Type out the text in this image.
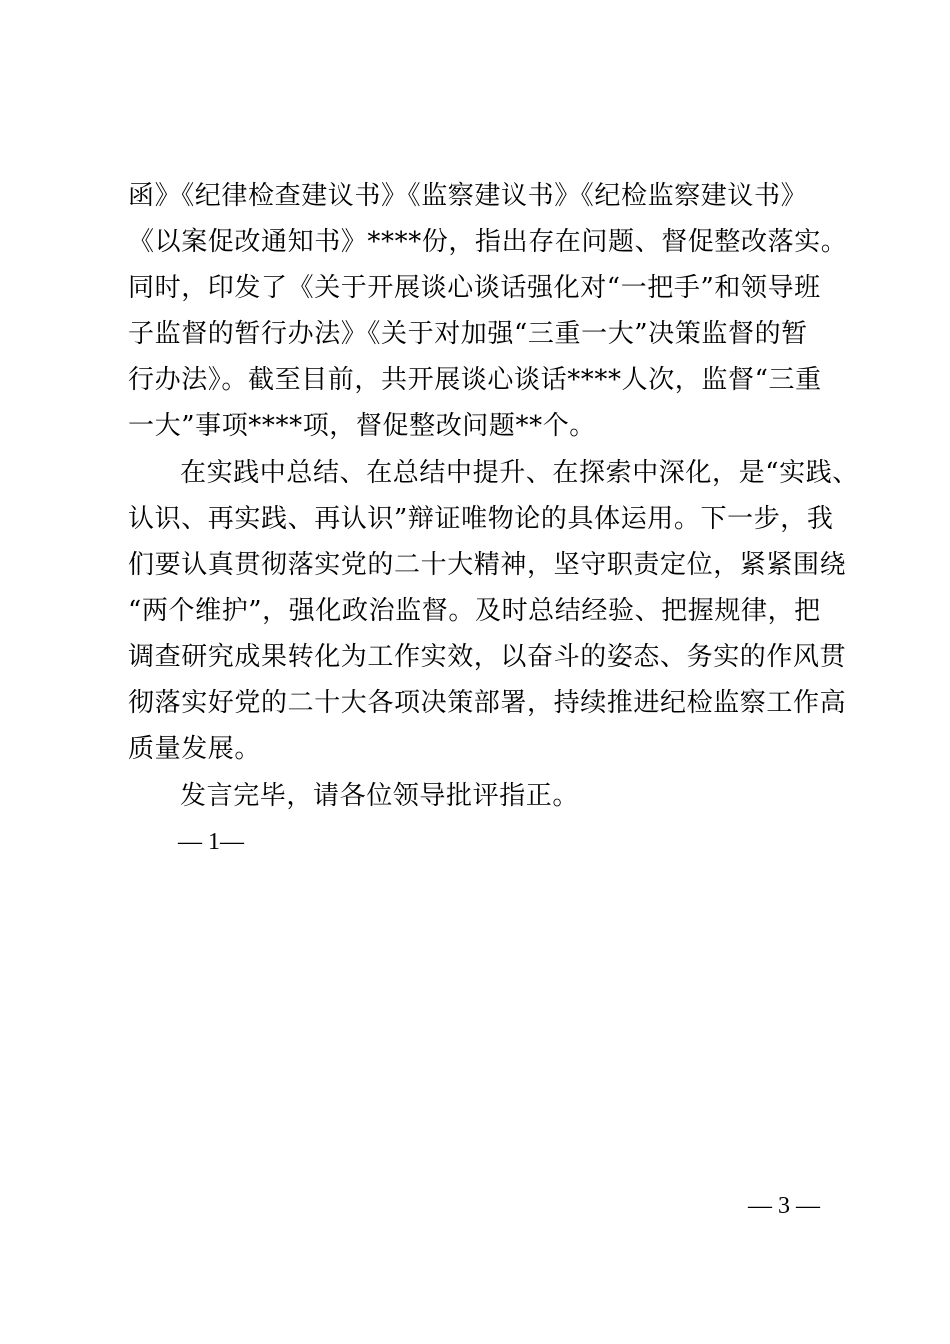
函》《纪律检查建议书》《监察建议书》《纪检监察建议书》
《以案促改通知书》****份，指出存在问题、督促整改落实。
同时，印发了《关于开展谈心谈话强化对“一把手”和领导班
子监督的暂行办法》《关于对加强“三重一大”决策监督的暂
行办法》。截至目前，共开展谈心谈话****人次，监督“三重
一大”事项****项，督促整改问题**个。
在实践中总结、在总结中提升、在探索中深化，是“实践、
认识、再实践、再认识”辩证唯物论的具体运用。下一步，我
们要认真贯彻落实党的二十大精神，坚守职责定位，紧紧围绕
“两个维护”，强化政治监督。及时总结经验、把握规律，把
调查研究成果转化为工作实效，以奋斗的姿态、务实的作风贯
彻落实好党的二十大各项决策部署，持续推进纪检监察工作高
质量发展。
发言完毕，请各位领导批评指正。
— 1—
— 3 —
